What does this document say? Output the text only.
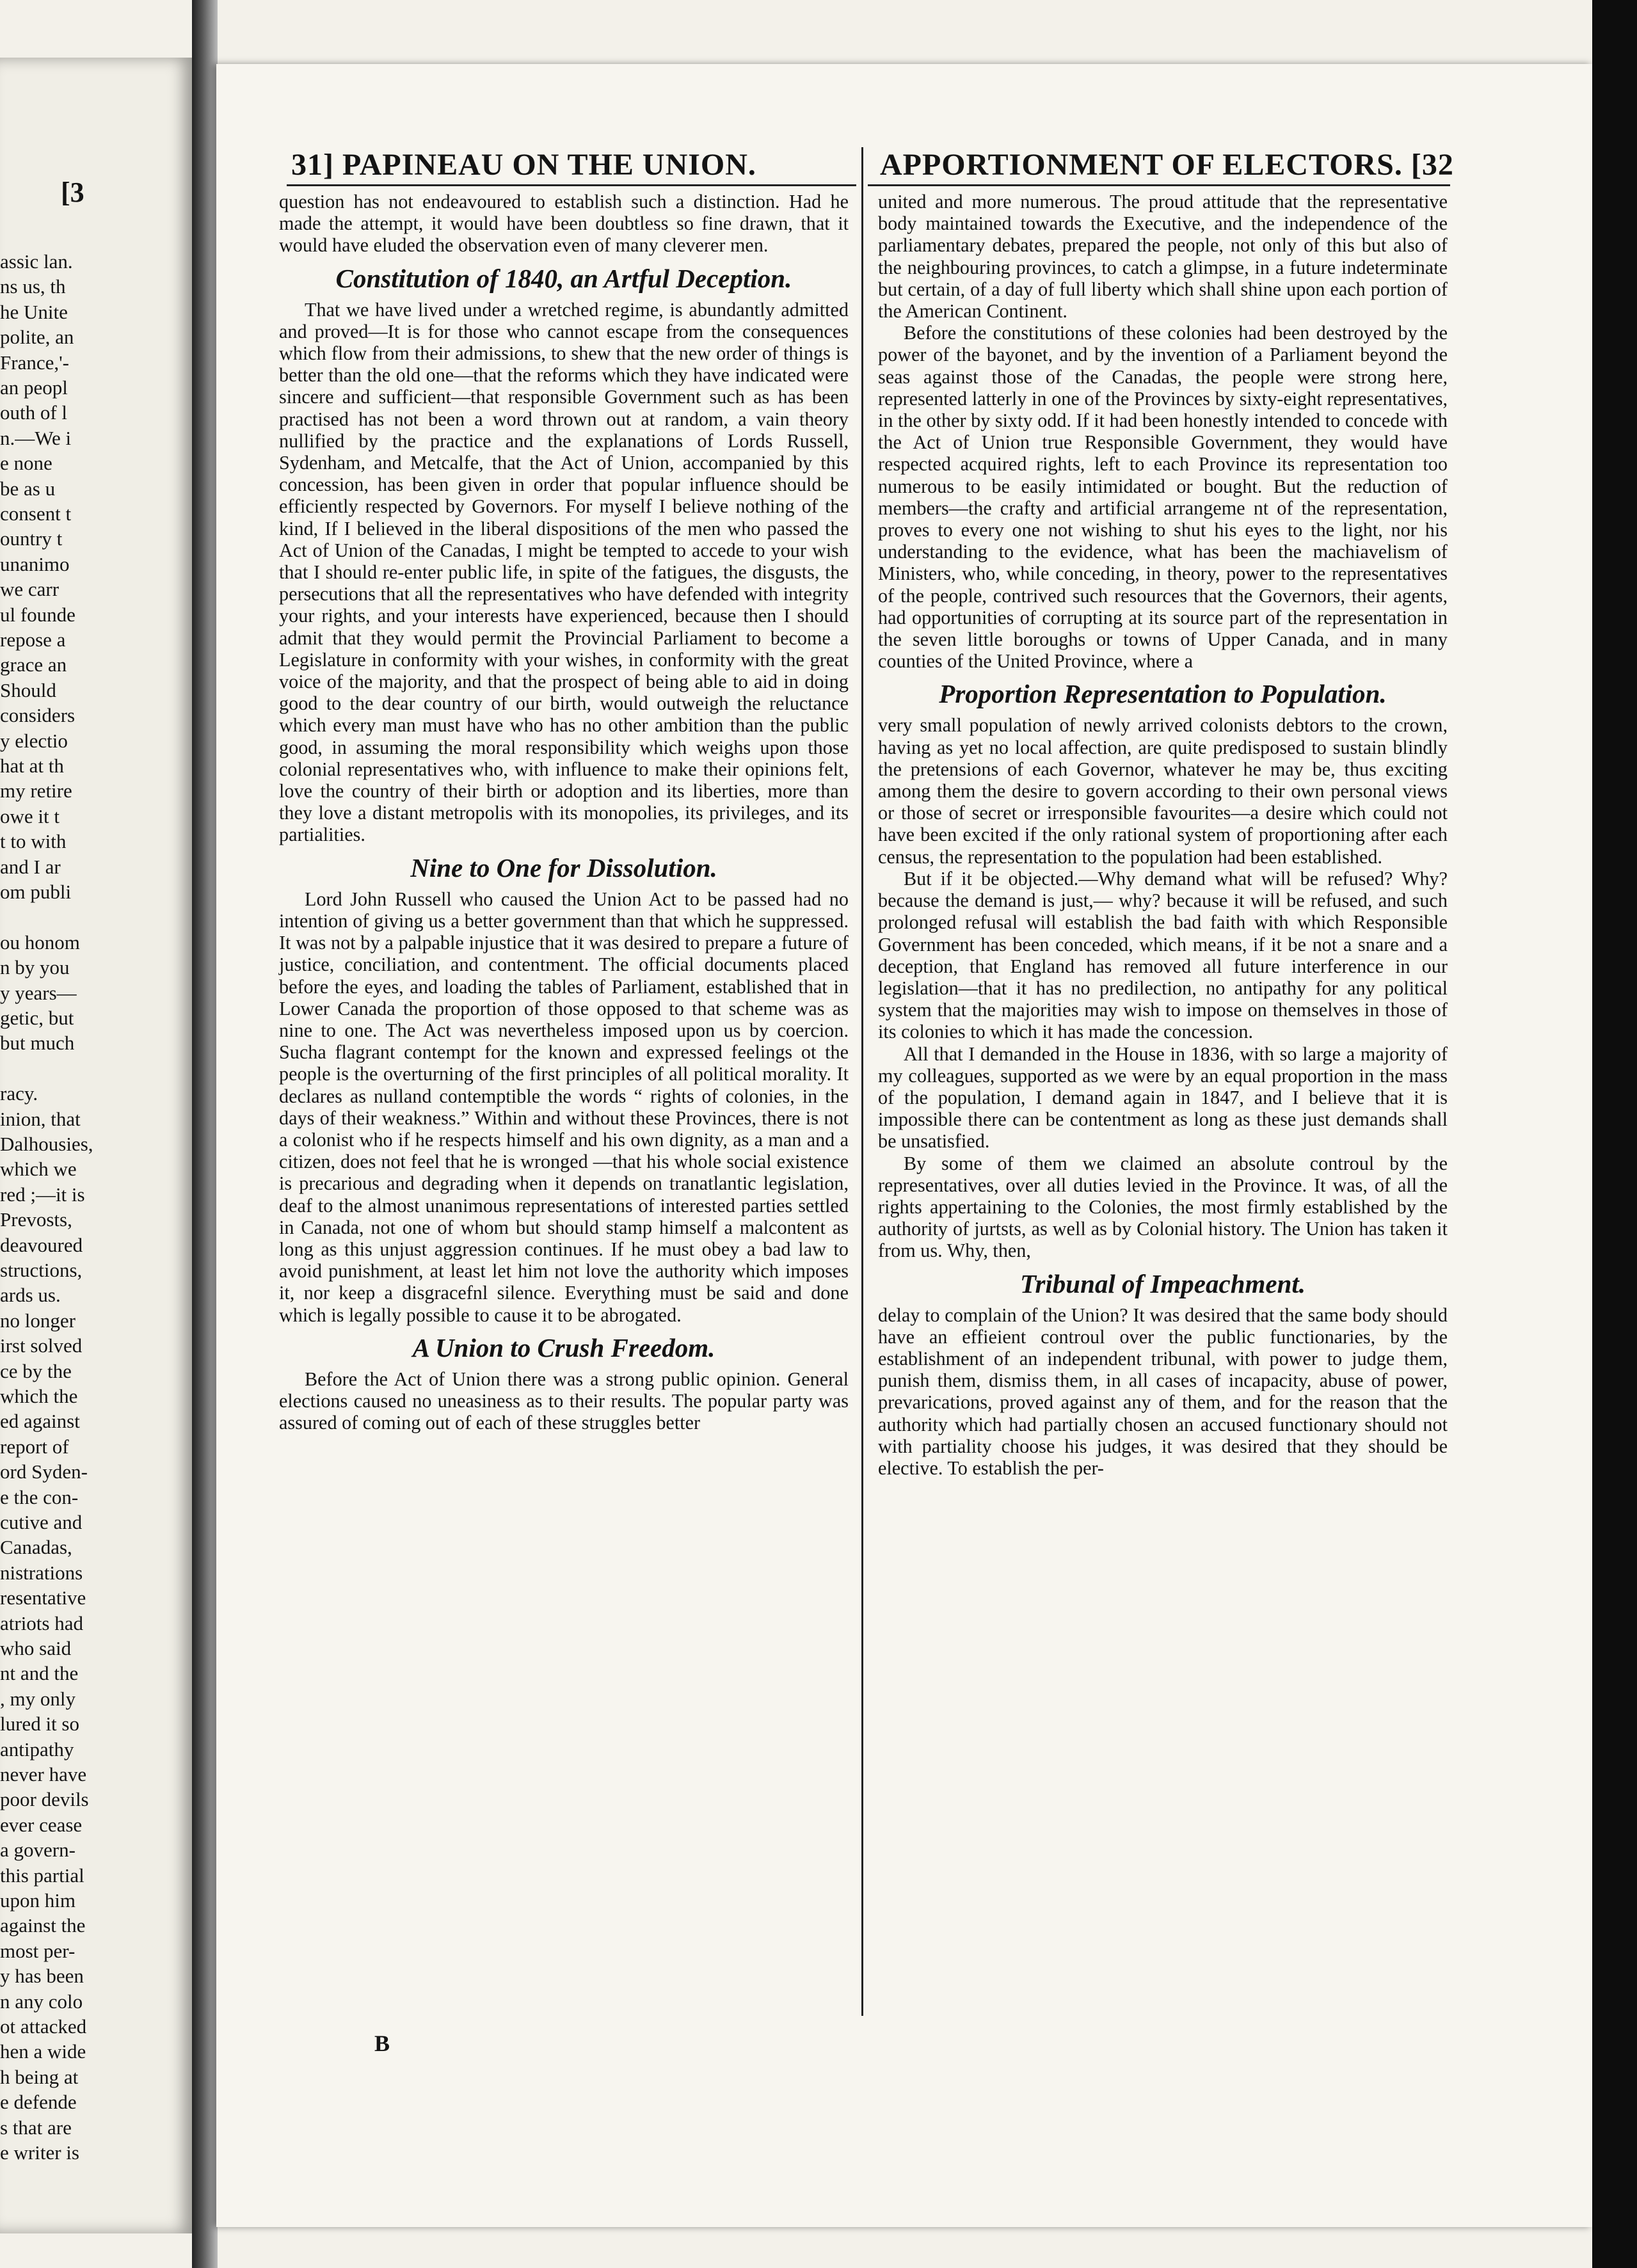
[3
assic lan.
ns us, th
he Unite
polite, an
France,'-
an peopl
outh of l
n.—We i
e none
be as u
consent t
ountry t
unanimo
we carr
ul founde
repose a
grace an
Should
considers
y electio
hat at th
my retire
owe it t
t to with
and I ar
om publi
ou honom
n by you
y years—
getic, but
but much
racy.
inion, that
Dalhousies,
which we
red ;—it is
Prevosts,
deavoured
structions,
ards us.
no longer
irst solved
ce by the
which the
ed against
report of
ord Syden-
e the con-
cutive and
Canadas,
nistrations
resentative
atriots had
who said
nt and the
, my only
lured it so
antipathy
never have
poor devils
ever cease
a govern-
this partial
upon him
against the
most per-
y has been
n any colo
ot attacked
hen a wide
h being at
e defende
s that are
e writer is
31] PAPINEAU ON THE UNION.	APPORTIONMENT OF ELECTORS. [32

question has not endeavoured to establish such a distinction. Had he made the attempt, it would have been doubtless so fine drawn, that it would have eluded the observation even of many cleverer men.

Constitution of 1840, an Artful Deception.

That we have lived under a wretched regime, is abundantly admitted and proved—It is for those who cannot escape from the consequences which flow from their admissions, to shew that the new order of things is better than the old one—that the reforms which they have indicated were sincere and sufficient—that responsible Government such as has been practised has not been a word thrown out at random, a vain theory nullified by the practice and the explanations of Lords Russell, Sydenham, and Metcalfe, that the Act of Union, accompanied by this concession, has been given in order that popular influence should be efficiently respected by Governors. For myself I believe nothing of the kind, If I believed in the liberal dispositions of the men who passed the Act of Union of the Canadas, I might be tempted to accede to your wish that I should re-enter public life, in spite of the fatigues, the disgusts, the persecutions that all the representatives who have defended with integrity your rights, and your interests have experienced, because then I should admit that they would permit the Provincial Parliament to become a Legislature in conformity with your wishes, in conformity with the great voice of the majority, and that the prospect of being able to aid in doing good to the dear country of our birth, would outweigh the reluctance which every man must have who has no other ambition than the public good, in assuming the moral responsibility which weighs upon those colonial representatives who, with influence to make their opinions felt, love the country of their birth or adoption and its liberties, more than they love a distant metropolis with its monopolies, its privileges, and its partialities.

Nine to One for Dissolution.

Lord John Russell who caused the Union Act to be passed had no intention of giving us a better government than that which he suppressed. It was not by a palpable injustice that it was desired to prepare a future of justice, conciliation, and contentment. The official documents placed before the eyes, and loading the tables of Parliament, established that in Lower Canada the proportion of those opposed to that scheme was as nine to one. The Act was nevertheless imposed upon us by coercion. Sucha flagrant contempt for the known and expressed feelings ot the people is the overturning of the first principles of all political morality. It declares as nulland contemptible the words “ rights of colonies, in the days of their weakness.” Within and without these Provinces, there is not a colonist who if he respects himself and his own dignity, as a man and a citizen, does not feel that he is wronged —that his whole social existence is precarious and degrading when it depends on tranatlantic legislation, deaf to the almost unanimous representations of interested parties settled in Canada, not one of whom but should stamp himself a malcontent as long as this unjust aggression continues. If he must obey a bad law to avoid punishment, at least let him not love the authority which imposes it, nor keep a disgracefnl silence. Everything must be said and done which is legally possible to cause it to be abrogated.

A Union to Crush Freedom.

Before the Act of Union there was a strong public opinion. General elections caused no uneasiness as to their results. The popular party was assured of coming out of each of these struggles better

united and more numerous. The proud attitude that the representative body maintained towards the Executive, and the independence of the parliamentary debates, prepared the people, not only of this but also of the neighbouring provinces, to catch a glimpse, in a future indeterminate but certain, of a day of full liberty which shall shine upon each portion of the American Continent.

Before the constitutions of these colonies had been destroyed by the power of the bayonet, and by the invention of a Parliament beyond the seas against those of the Canadas, the people were strong here, represented latterly in one of the Provinces by sixty-eight representatives, in the other by sixty odd. If it had been honestly intended to concede with the Act of Union true Responsible Government, they would have respected acquired rights, left to each Province its representation too numerous to be easily intimidated or bought. But the reduction of members—the crafty and artificial arrangeme nt of the representation, proves to every one not wishing to shut his eyes to the light, nor his understanding to the evidence, what has been the machiavelism of Ministers, who, while conceding, in theory, power to the representatives of the people, contrived such resources that the Governors, their agents, had opportunities of corrupting at its source part of the representation in the seven little boroughs or towns of Upper Canada, and in many counties of the United Province, where a

Proportion Representation to Population.

very small population of newly arrived colonists debtors to the crown, having as yet no local affection, are quite predisposed to sustain blindly the pretensions of each Governor, whatever he may be, thus exciting among them the desire to govern according to their own personal views or those of secret or irresponsible favourites—a desire which could not have been excited if the only rational system of proportioning after each census, the representation to the population had been established.

But if it be objected.—Why demand what will be refused? Why? because the demand is just,— why? because it will be refused, and such prolonged refusal will establish the bad faith with which Responsible Government has been conceded, which means, if it be not a snare and a deception, that England has removed all future interference in our legislation—that it has no predilection, no antipathy for any political system that the majorities may wish to impose on themselves in those of its colonies to which it has made the concession.

All that I demanded in the House in 1836, with so large a majority of my colleagues, supported as we were by an equal proportion in the mass of the population, I demand again in 1847, and I believe that it is impossible there can be contentment as long as these just demands shall be unsatisfied.

By some of them we claimed an absolute controul by the representatives, over all duties levied in the Province. It was, of all the rights appertaining to the Colonies, the most firmly established by the authority of jurtsts, as well as by Colonial history. The Union has taken it from us. Why, then,

Tribunal of Impeachment.

delay to complain of the Union? It was desired that the same body should have an effieient controul over the public functionaries, by the establishment of an independent tribunal, with power to judge them, punish them, dismiss them, in all cases of incapacity, abuse of power, prevarications, proved against any of them, and for the reason that the authority which had partially chosen an accused functionary should not with partiality choose his judges, it was desired that they should be elective. To establish the per-

B
